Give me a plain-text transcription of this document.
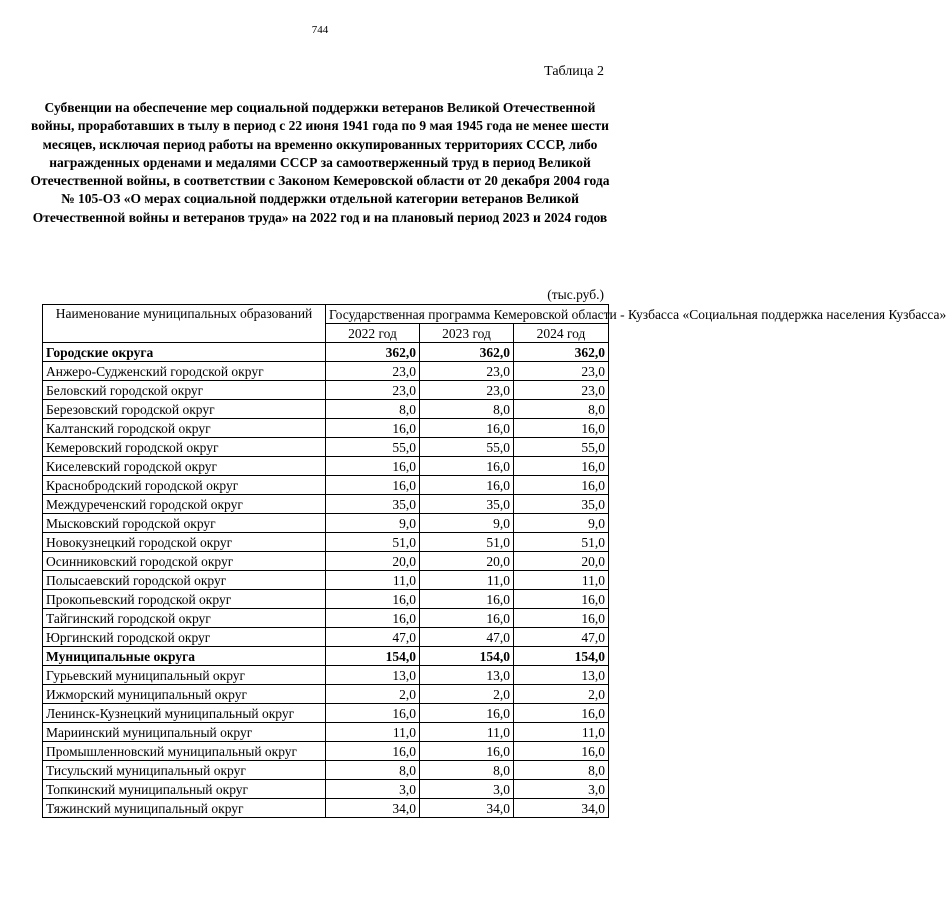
744
Таблица 2
Субвенции на обеспечение мер социальной поддержки ветеранов Великой Отечественной войны, проработавших в тылу в период с 22 июня 1941 года по 9 мая 1945 года не менее шести месяцев, исключая период работы на временно оккупированных территориях СССР, либо награжденных орденами и медалями СССР за самоотверженный труд в период Великой Отечественной войны, в соответствии с Законом Кемеровской области от 20 декабря 2004 года № 105-ОЗ «О мерах социальной поддержки отдельной категории ветеранов Великой Отечественной войны и ветеранов труда» на 2022 год и на плановый период 2023 и 2024 годов
(тыс.руб.)
Наименование муниципальных образований	Государственная программа Кемеровской области - Кузбасса «Социальная поддержка населения Кузбасса»		
	2022 год	2023 год	2024 год
Городские округа	362,0	362,0	362,0
Анжеро-Судженский городской округ	23,0	23,0	23,0
Беловский городской округ	23,0	23,0	23,0
Березовский городской округ	8,0	8,0	8,0
Калтанский городской округ	16,0	16,0	16,0
Кемеровский городской округ	55,0	55,0	55,0
Киселевский городской округ	16,0	16,0	16,0
Краснобродский городской округ	16,0	16,0	16,0
Междуреченский городской округ	35,0	35,0	35,0
Мысковский городской округ	9,0	9,0	9,0
Новокузнецкий городской округ	51,0	51,0	51,0
Осинниковский городской округ	20,0	20,0	20,0
Полысаевский городской округ	11,0	11,0	11,0
Прокопьевский городской округ	16,0	16,0	16,0
Тайгинский городской округ	16,0	16,0	16,0
Юргинский городской округ	47,0	47,0	47,0
Муниципальные округа	154,0	154,0	154,0
Гурьевский муниципальный округ	13,0	13,0	13,0
Ижморский муниципальный округ	2,0	2,0	2,0
Ленинск-Кузнецкий муниципальный округ	16,0	16,0	16,0
Мариинский муниципальный округ	11,0	11,0	11,0
Промышленновский муниципальный округ	16,0	16,0	16,0
Тисульский муниципальный округ	8,0	8,0	8,0
Топкинский муниципальный округ	3,0	3,0	3,0
Тяжинский муниципальный округ	34,0	34,0	34,0
